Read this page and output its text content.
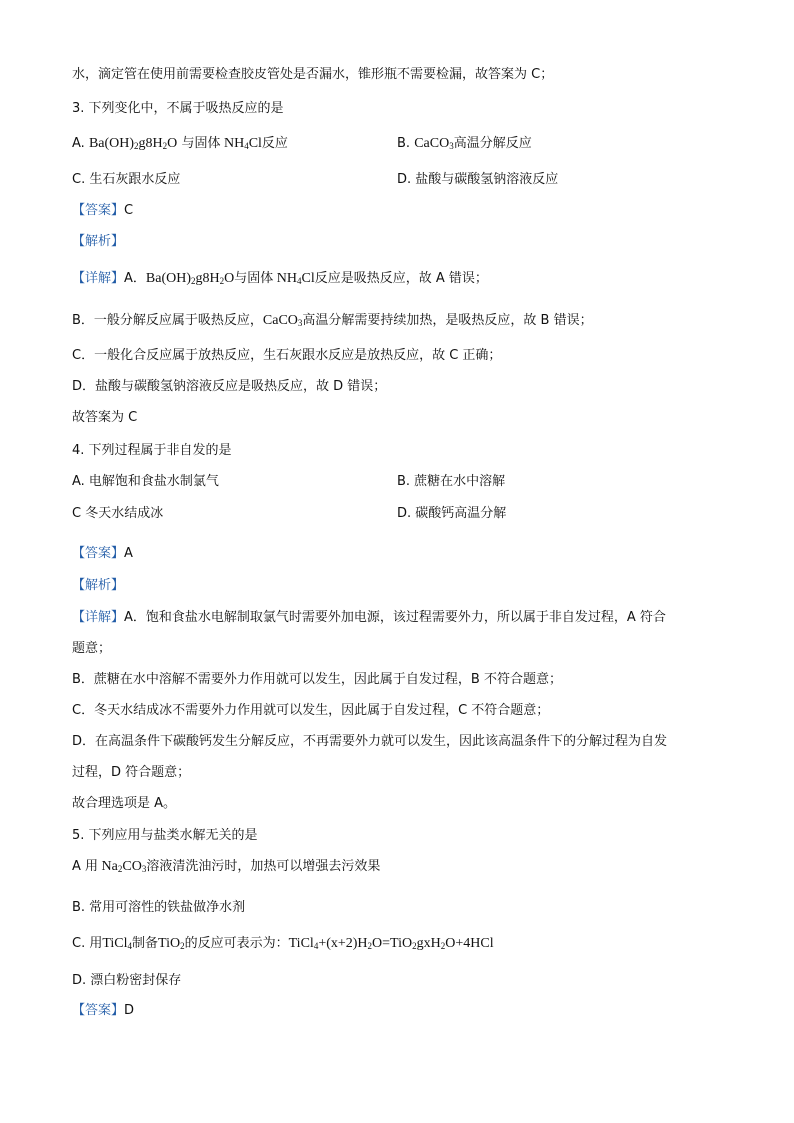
水，滴定管在使用前需要检查胶皮管处是否漏水，锥形瓶不需要检漏，故答案为 C；
3. 下列变化中，不属于吸热反应的是
A. $Ba(OH)_2g8H_2O$ 与固体 $NH_4Cl$反应	B. CaCO$_3$高温分解反应
C. 生石灰跟水反应	D. 盐酸与碳酸氢钠溶液反应
【答案】C
【解析】
【详解】A．$Ba(OH)_2g8H_2O$与固体 $NH_4Cl$反应是吸热反应，故 A 错误；
B．一般分解反应属于吸热反应，CaCO$_3$高温分解需要持续加热，是吸热反应，故 B 错误；
C．一般化合反应属于放热反应，生石灰跟水反应是放热反应，故 C 正确；
D．盐酸与碳酸氢钠溶液反应是吸热反应，故 D 错误；
故答案为 C
4. 下列过程属于非自发的是
A. 电解饱和食盐水制氯气	B. 蔗糖在水中溶解
C 冬天水结成冰	D. 碳酸钙高温分解
【答案】A
【解析】
【详解】A．饱和食盐水电解制取氯气时需要外加电源，该过程需要外力，所以属于非自发过程，A 符合
题意；
B．蔗糖在水中溶解不需要外力作用就可以发生，因此属于自发过程，B 不符合题意；
C．冬天水结成冰不需要外力作用就可以发生，因此属于自发过程，C 不符合题意；
D．在高温条件下碳酸钙发生分解反应，不再需要外力就可以发生，因此该高温条件下的分解过程为自发
过程，D 符合题意；
故合理选项是 A。
5. 下列应用与盐类水解无关的是
A 用 $Na_2CO_3$溶液清洗油污时，加热可以增强去污效果
B. 常用可溶性的铁盐做净水剂
C. 用TiCl$_4$制备TiO$_2$的反应可表示为：$TiCl_4+(x+2)H_2O=TiO_2gxH_2O+4HCl$
D. 漂白粉密封保存
【答案】D
